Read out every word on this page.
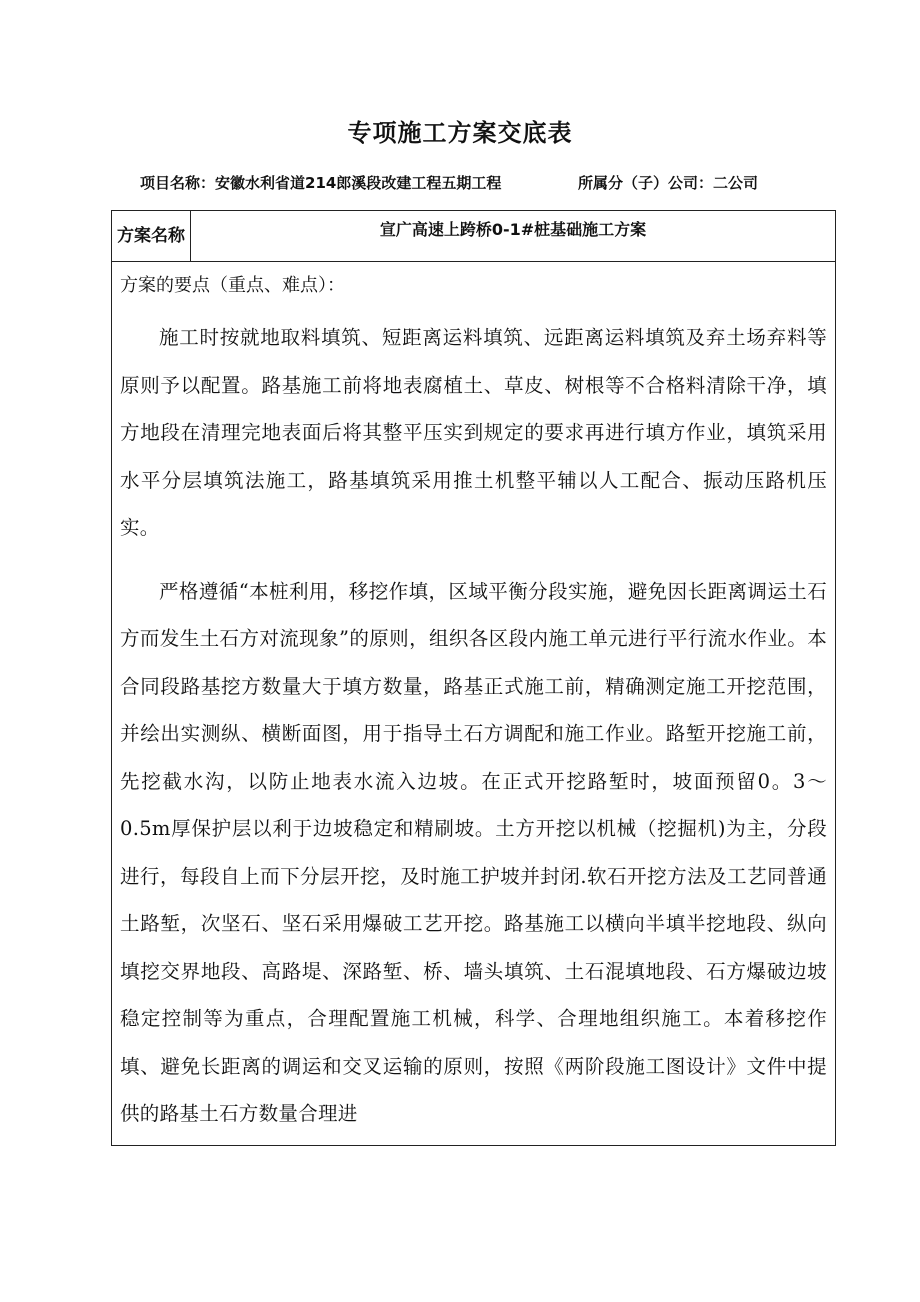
专项施工方案交底表
项目名称：安徽水利省道214郎溪段改建工程五期工程	所属分（子）公司：二公司
方案名称	宣广高速上跨桥0-1#桩基础施工方案
方案的要点（重点、难点）：

施工时按就地取料填筑、短距离运料填筑、远距离运料填筑及弃土场弃料等原则予以配置。路基施工前将地表腐植土、草皮、树根等不合格料清除干净，填方地段在清理完地表面后将其整平压实到规定的要求再进行填方作业，填筑采用水平分层填筑法施工，路基填筑采用推土机整平辅以人工配合、振动压路机压实。

严格遵循“本桩利用，移挖作填，区域平衡分段实施，避免因长距离调运土石方而发生土石方对流现象”的原则，组织各区段内施工单元进行平行流水作业。本合同段路基挖方数量大于填方数量，路基正式施工前，精确测定施工开挖范围，并绘出实测纵、横断面图，用于指导土石方调配和施工作业。路堑开挖施工前，先挖截水沟，以防止地表水流入边坡。在正式开挖路堑时，坡面预留0。3～0.5m厚保护层以利于边坡稳定和精刷坡。土方开挖以机械（挖掘机)为主，分段进行，每段自上而下分层开挖，及时施工护坡并封闭.软石开挖方法及工艺同普通土路堑，次坚石、坚石采用爆破工艺开挖。路基施工以横向半填半挖地段、纵向填挖交界地段、高路堤、深路堑、桥、墙头填筑、土石混填地段、石方爆破边坡稳定控制等为重点，合理配置施工机械，科学、合理地组织施工。本着移挖作填、避免长距离的调运和交叉运输的原则，按照《两阶段施工图设计》文件中提供的路基土石方数量合理进
